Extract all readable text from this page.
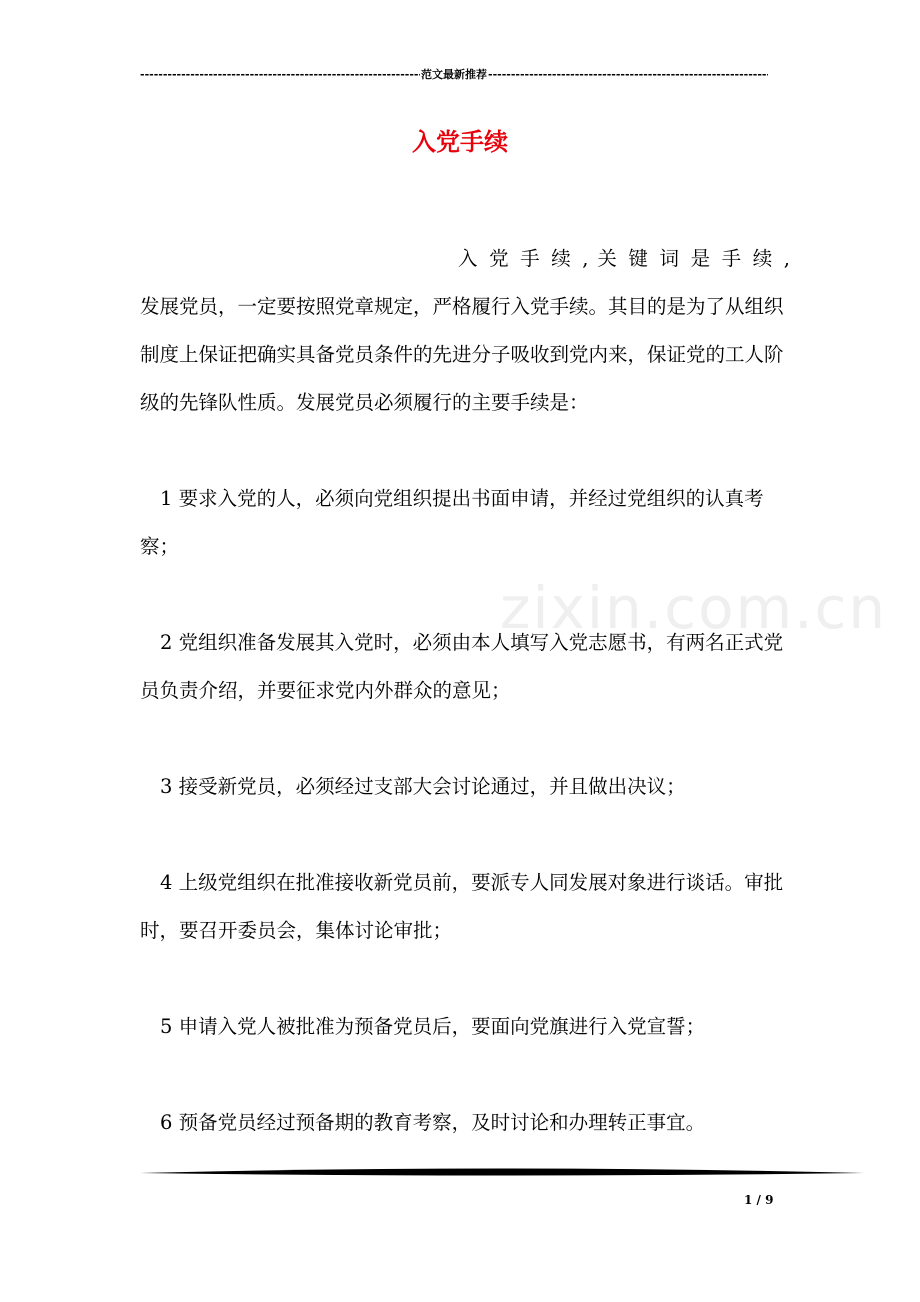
-----
范文最新推荐
-----
入党手续
zixin.com.cn
入 党 手 续 , 关 键 词 是 手 续 ,
发展党员，一定要按照党章规定，严格履行入党手续。其目的是为了从组织制度上保证把确实具备党员条件的先进分子吸收到党内来，保证党的工人阶级的先锋队性质。发展党员必须履行的主要手续是：
1 要求入党的人，必须向党组织提出书面申请，并经过党组织的认真考察；
2 党组织准备发展其入党时，必须由本人填写入党志愿书，有两名正式党员负责介绍，并要征求党内外群众的意见；
3 接受新党员，必须经过支部大会讨论通过，并且做出决议；
4 上级党组织在批准接收新党员前，要派专人同发展对象进行谈话。审批时，要召开委员会，集体讨论审批；
5 申请入党人被批准为预备党员后，要面向党旗进行入党宣誓；
6 预备党员经过预备期的教育考察，及时讨论和办理转正事宜。
1 / 9
